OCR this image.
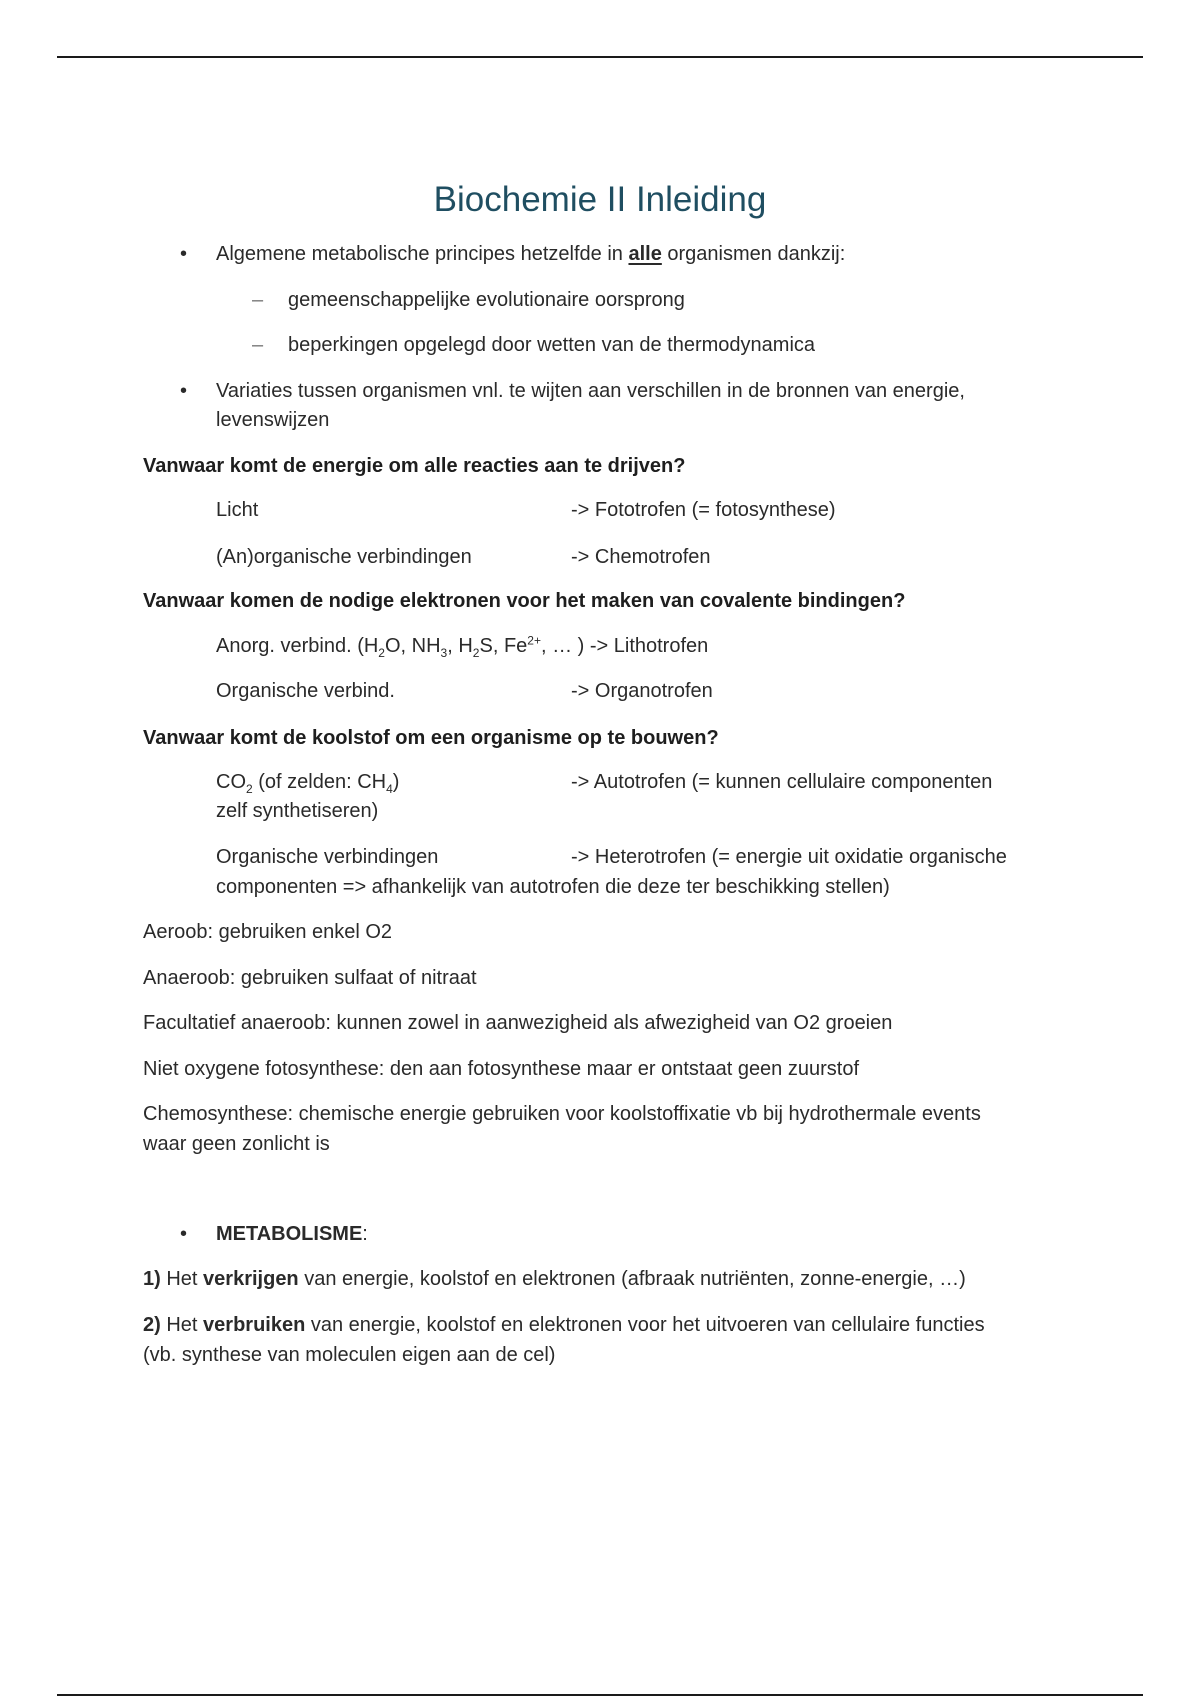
Biochemie II Inleiding
• Algemene metabolische principes hetzelfde in alle organismen dankzij:
– gemeenschappelijke evolutionaire oorsprong
– beperkingen opgelegd door wetten van de thermodynamica
• Variaties tussen organismen vnl. te wijten aan verschillen in de bronnen van energie,
levenswijzen
Vanwaar komt de energie om alle reacties aan te drijven?
Licht	-> Fototrofen (= fotosynthese)
(An)organische verbindingen	-> Chemotrofen
Vanwaar komen de nodige elektronen voor het maken van covalente bindingen?
Anorg. verbind. ($H_2O$, $NH_3$, $H_2S$, $Fe^{2+}$, … ) -> Lithotrofen
Organische verbind.	-> Organotrofen
Vanwaar komt de koolstof om een organisme op te bouwen?
$CO_2$ (of zelden: $CH_4$)	-> Autotrofen (= kunnen cellulaire componenten
zelf synthetiseren)
Organische verbindingen	-> Heterotrofen (= energie uit oxidatie organische
componenten => afhankelijk van autotrofen die deze ter beschikking stellen)
Aeroob: gebruiken enkel O2
Anaeroob: gebruiken sulfaat of nitraat
Facultatief anaeroob: kunnen zowel in aanwezigheid als afwezigheid van O2 groeien
Niet oxygene fotosynthese: den aan fotosynthese maar er ontstaat geen zuurstof
Chemosynthese: chemische energie gebruiken voor koolstoffixatie vb bij hydrothermale events
waar geen zonlicht is
• METABOLISME:
1) Het verkrijgen van energie, koolstof en elektronen (afbraak nutriënten, zonne-energie, …)
2) Het verbruiken van energie, koolstof en elektronen voor het uitvoeren van cellulaire functies
(vb. synthese van moleculen eigen aan de cel)
